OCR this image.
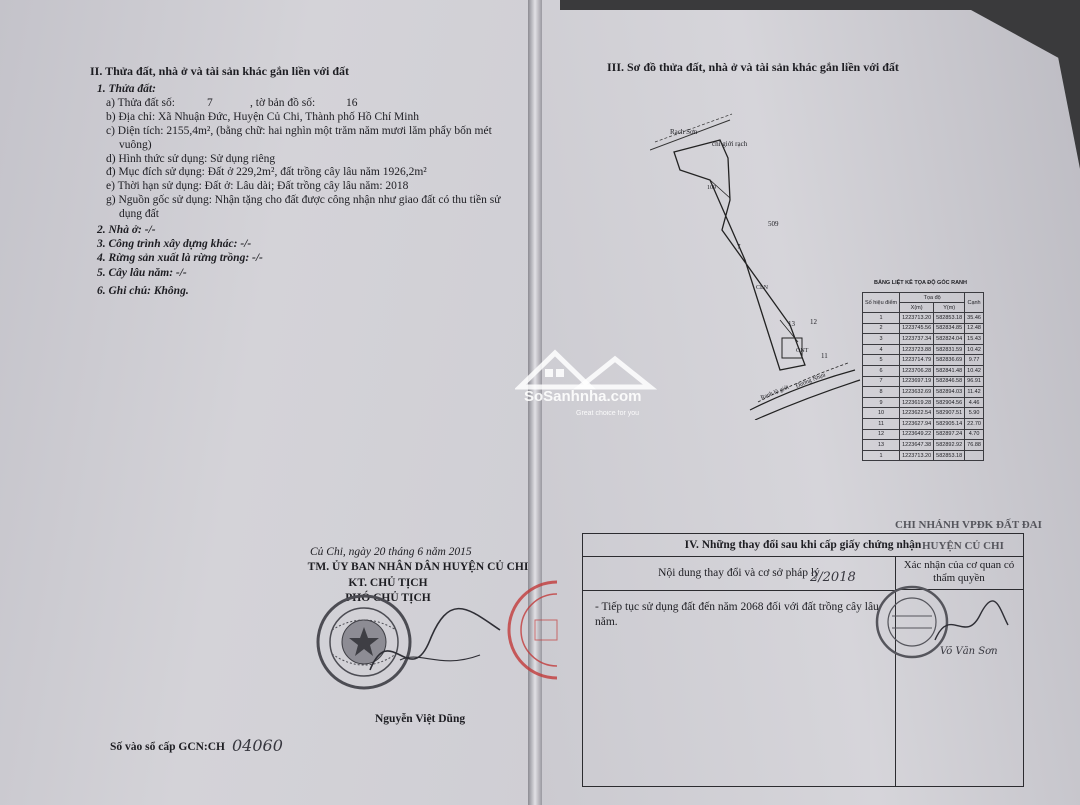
II. Thửa đất, nhà ở và tài sản khác gắn liền với đất
1. Thửa đất:
a) Thửa đất số:	7	, tờ bản đồ số:	16
b) Địa chỉ: Xã Nhuận Đức, Huyện Củ Chi, Thành phố Hồ Chí Minh
c) Diện tích: 2155,4m², (bằng chữ: hai nghìn một trăm năm mươi lăm phẩy bốn mét
vuông)
d) Hình thức sử dụng: Sử dụng riêng
đ) Mục đích sử dụng: Đất ở 229,2m², đất trồng cây lâu năm 1926,2m²
e) Thời hạn sử dụng: Đất ở: Lâu dài; Đất trồng cây lâu năm: 2018
g) Nguồn gốc sử dụng: Nhận tặng cho đất được công nhận như giao đất có thu tiền sử
dụng đất
2. Nhà ở: -/-
3. Công trình xây dựng khác: -/-
4. Rừng sản xuất là rừng trồng: -/-
5. Cây lâu năm: -/-
6. Ghi chú: Không.
Củ Chi, ngày 20 tháng 6 năm 2015
TM. ỦY BAN NHÂN DÂN HUYỆN CỦ CHI
KT. CHỦ TỊCH
PHÓ CHỦ TỊCH
Nguyễn Việt Dũng
Số vào sổ cấp GCN:CH 04060
III. Sơ đồ thửa đất, nhà ở và tài sản khác gắn liền với đất
Rạch Sơn
chỉ giới rạch
109
509
7
CLN
13 12
ONT
11
Ranh lộ giới
Đường Nhựa
BẢNG LIỆT KÊ TỌA ĐỘ GÓC RANH
Số hiệu điểm	Tọa độ		Cạnh
	X(m)	Y(m)	
1	1223713.20	582853.18	35.46
2	1223745.56	582834.85	12.48
3	1223737.34	582824.04	15.43
4	1223723.88	582831.59	10.42
5	1223714.79	582836.69	9.77
6	1223706.28	582841.48	10.42
7	1223697.19	582846.58	96.91
8	1223632.69	582894.03	11.42
9	1223619.28	582904.56	4.46
10	1223622.54	582907.51	5.90
11	1223627.94	582905.14	22.70
12	1223649.22	582897.24	4.70
13	1223647.38	582892.92	76.88
1	1223713.20	582853.18	
CHI NHÁNH VPĐK ĐẤT ĐAI
HUYỆN CỦ CHI
IV. Những thay đổi sau khi cấp giấy chứng nhận
Nội dung thay đổi và cơ sở pháp lý
Xác nhận của cơ quan có thẩm quyền
- Tiếp tục sử dụng đất đến năm 2068 đối với đất trồng cây lâu năm.
2/2018
Võ Văn Sơn
SoSanhnha.com
Great choice for you
